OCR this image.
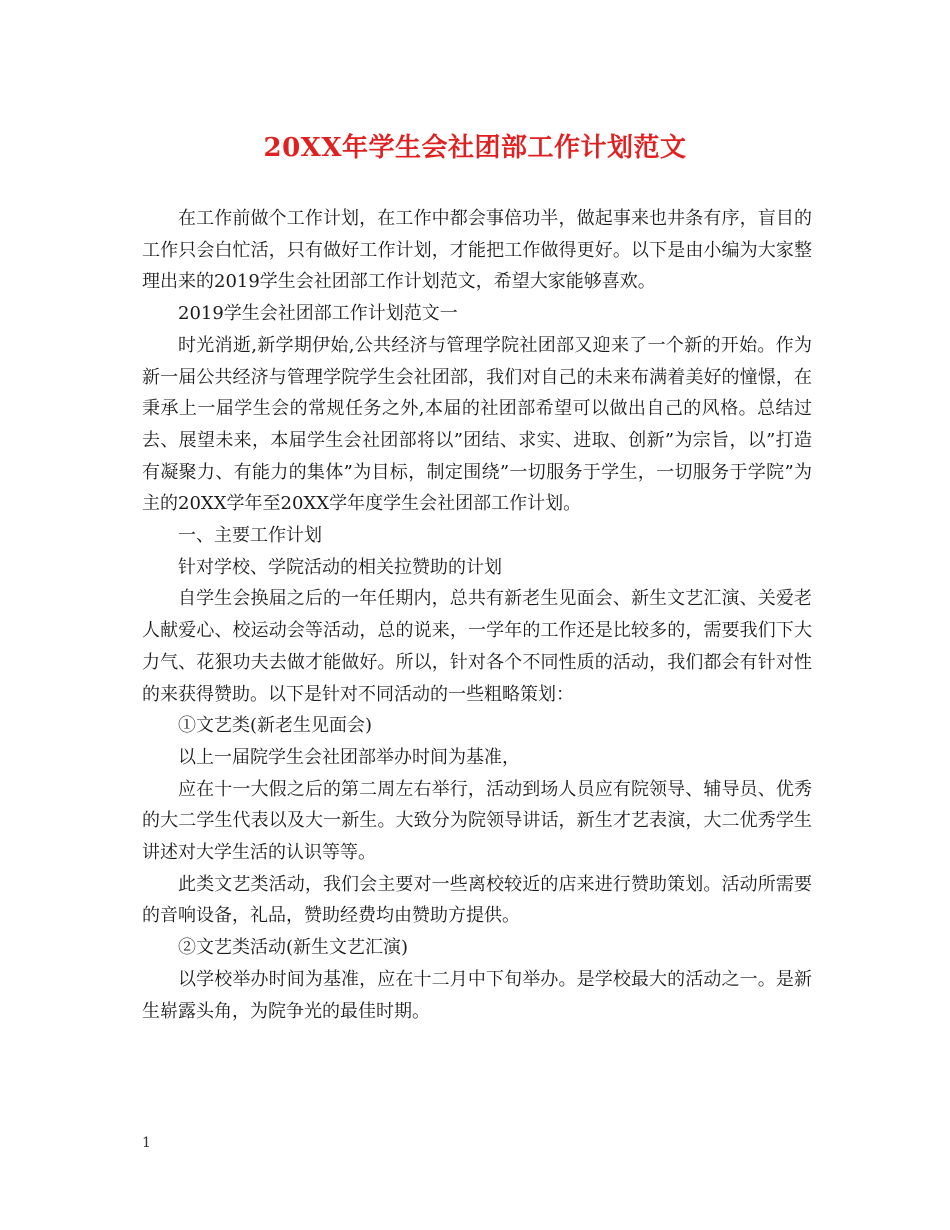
20XX年学生会社团部工作计划范文

在工作前做个工作计划，在工作中都会事倍功半，做起事来也井条有序，盲目的工作只会白忙活，只有做好工作计划，才能把工作做得更好。以下是由小编为大家整理出来的2019学生会社团部工作计划范文，希望大家能够喜欢。

2019学生会社团部工作计划范文一

时光消逝,新学期伊始,公共经济与管理学院社团部又迎来了一个新的开始。作为新一届公共经济与管理学院学生会社团部，我们对自己的未来布满着美好的憧憬，在秉承上一届学生会的常规任务之外,本届的社团部希望可以做出自己的风格。总结过去、展望未来，本届学生会社团部将以”团结、求实、进取、创新”为宗旨，以”打造有凝聚力、有能力的集体”为目标，制定围绕”一切服务于学生，一切服务于学院”为主的20XX学年至20XX学年度学生会社团部工作计划。

一、主要工作计划

针对学校、学院活动的相关拉赞助的计划

自学生会换届之后的一年任期内，总共有新老生见面会、新生文艺汇演、关爱老人献爱心、校运动会等活动，总的说来，一学年的工作还是比较多的，需要我们下大力气、花狠功夫去做才能做好。所以，针对各个不同性质的活动，我们都会有针对性的来获得赞助。以下是针对不同活动的一些粗略策划：

①文艺类(新老生见面会)

以上一届院学生会社团部举办时间为基准，

应在十一大假之后的第二周左右举行，活动到场人员应有院领导、辅导员、优秀的大二学生代表以及大一新生。大致分为院领导讲话，新生才艺表演，大二优秀学生讲述对大学生活的认识等等。

此类文艺类活动，我们会主要对一些离校较近的店来进行赞助策划。活动所需要的音响设备，礼品，赞助经费均由赞助方提供。

②文艺类活动(新生文艺汇演)

以学校举办时间为基准，应在十二月中下旬举办。是学校最大的活动之一。是新生崭露头角，为院争光的最佳时期。

1
